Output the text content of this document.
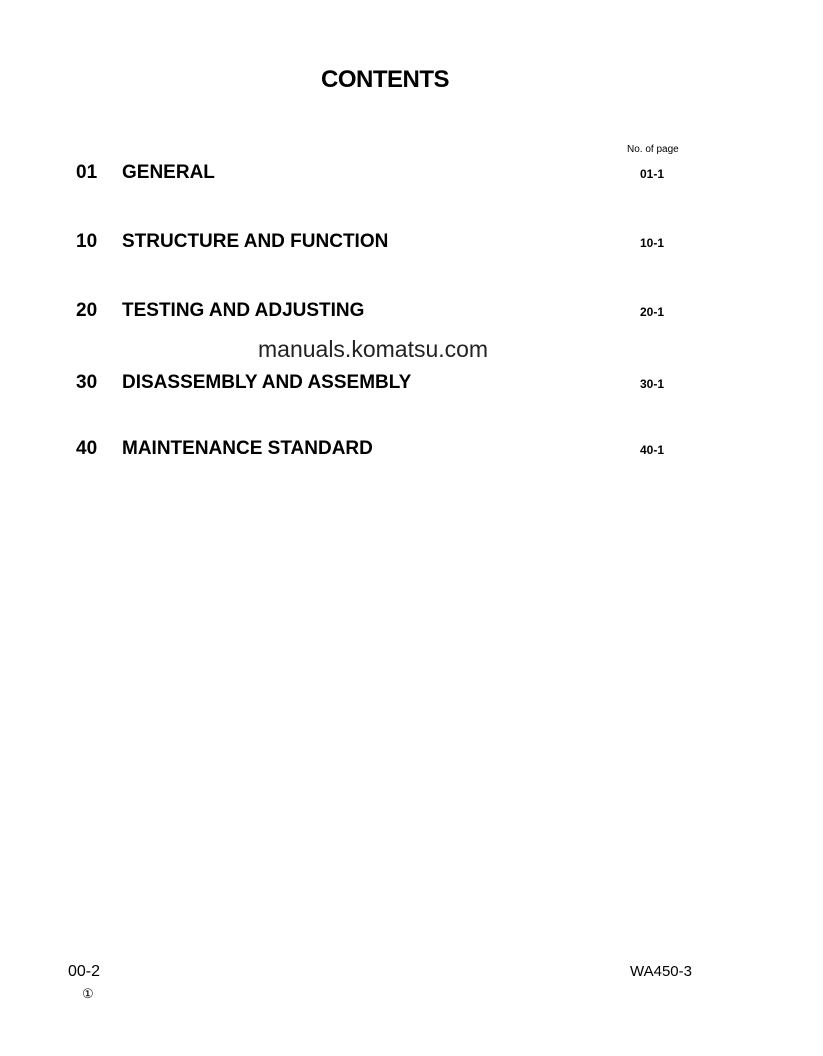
CONTENTS
No. of page
01 GENERAL	01-1
10 STRUCTURE AND FUNCTION	10-1
20 TESTING AND ADJUSTING	20-1
30 DISASSEMBLY AND ASSEMBLY	30-1
40 MAINTENANCE STANDARD	40-1
manuals.komatsu.com
00-2
①
WA450-3
